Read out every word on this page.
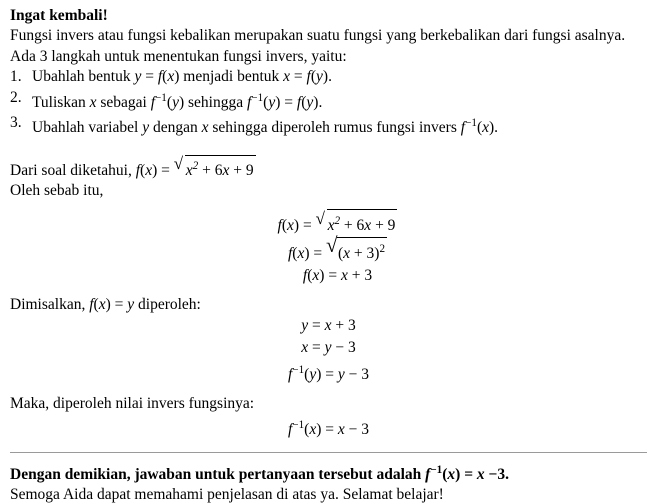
Ingat kembali!
Fungsi invers atau fungsi kebalikan merupakan suatu fungsi yang berkebalikan dari fungsi asalnya. Ada 3 langkah untuk menentukan fungsi invers, yaitu:
1. Ubahlah bentuk y = f(x) menjadi bentuk x = f(y).
2. Tuliskan x sebagai $f^{-1}(y)$ sehingga $f^{-1}(y) = f(y)$.
3. Ubahlah variabel y dengan x sehingga diperoleh rumus fungsi invers $f^{-1}(x)$.
Dari soal diketahui, f(x) = √ $x^2 + 6x + 9$
Oleh sebab itu,
f(x) = √ $x^2 + 6x + 9$
f(x) = √ $(x + 3)^2$
f(x) = x + 3
Dimisalkan, f(x) = y diperoleh:
y = x + 3
x = y − 3
$f^{-1}(y) = y - 3$
Maka, diperoleh nilai invers fungsinya:
$f^{-1}(x) = x - 3$
Dengan demikian, jawaban untuk pertanyaan tersebut adalah $f^{-1}(x) = x -3$.
Semoga Aida dapat memahami penjelasan di atas ya. Selamat belajar!
